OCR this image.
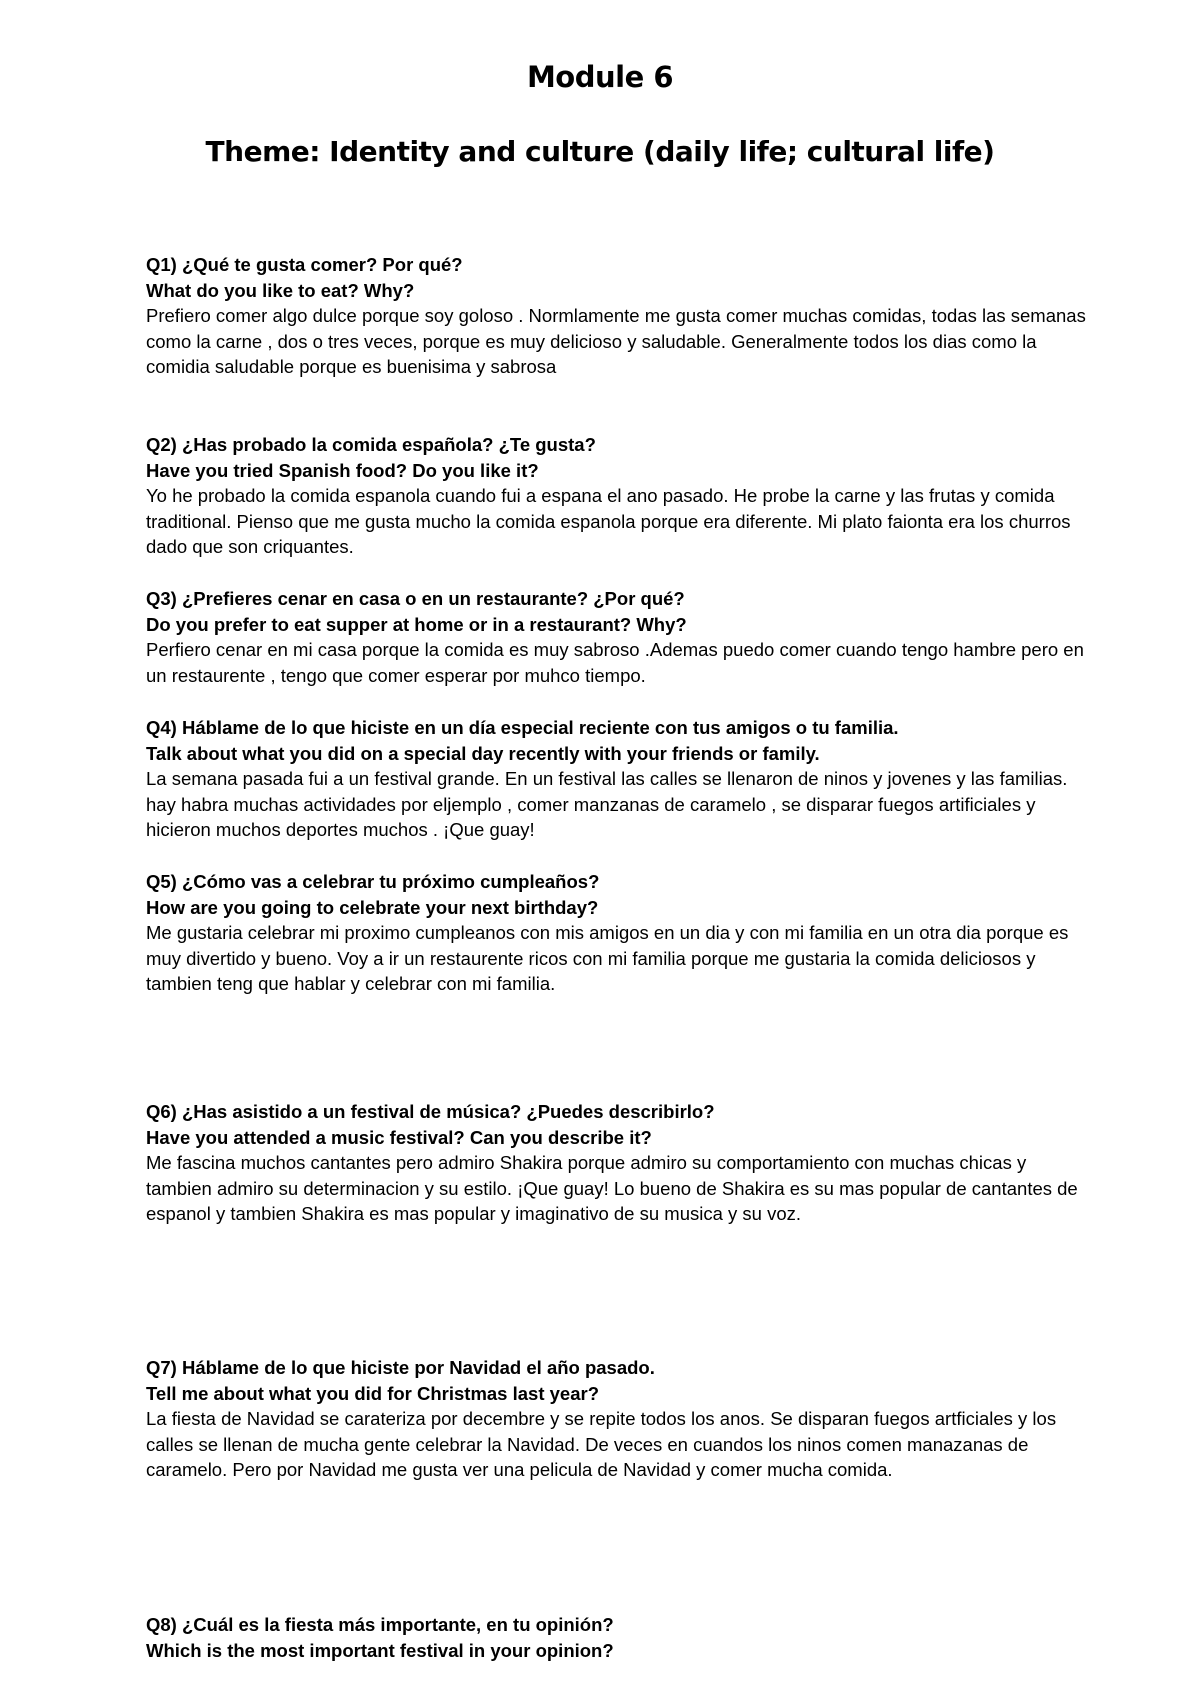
Module 6
Theme: Identity and culture (daily life; cultural life)

Q1) ¿Qué te gusta comer? Por qué?

What do you like to eat? Why?

Prefiero comer algo dulce porque soy goloso . Normlamente me gusta comer muchas comidas, todas las semanas como la carne , dos o tres veces, porque es muy delicioso y saludable. Generalmente todos los dias como la comidia saludable porque es buenisima y sabrosa

Q2) ¿Has probado la comida española? ¿Te gusta?

Have you tried Spanish food? Do you like it?

Yo he probado la comida espanola cuando fui a espana el ano pasado. He probe la carne y las frutas y comida traditional. Pienso que me gusta mucho la comida espanola porque era diferente. Mi plato faionta era los churros dado que son criquantes.

Q3) ¿Prefieres cenar en casa o en un restaurante? ¿Por qué?

Do you prefer to eat supper at home or in a restaurant? Why?

Perfiero cenar en mi casa porque la comida es muy sabroso .Ademas puedo comer cuando tengo hambre pero en un restaurente , tengo que comer esperar por muhco tiempo.

Q4) Háblame de lo que hiciste en un día especial reciente con tus amigos o tu familia.

Talk about what you did on a special day recently with your friends or family.

La semana pasada fui a un festival grande. En un festival las calles se llenaron de ninos y jovenes y las familias. hay habra muchas actividades por eljemplo , comer manzanas de caramelo , se disparar fuegos artificiales y hicieron muchos deportes muchos . ¡Que guay!

Q5) ¿Cómo vas a celebrar tu próximo cumpleaños?

How are you going to celebrate your next birthday?

Me gustaria celebrar mi proximo cumpleanos con mis amigos en un dia y con mi familia en un otra dia porque es muy divertido y bueno. Voy a ir un restaurente ricos con mi familia porque me gustaria la comida deliciosos y tambien teng que hablar y celebrar con mi familia.

Q6) ¿Has asistido a un festival de música? ¿Puedes describirlo?

Have you attended a music festival? Can you describe it?

Me fascina muchos cantantes pero admiro Shakira porque admiro su comportamiento con muchas chicas y tambien admiro su determinacion y su estilo. ¡Que guay! Lo bueno de Shakira es su mas popular de cantantes de espanol y tambien Shakira es mas popular y imaginativo de su musica y su voz.

Q7) Háblame de lo que hiciste por Navidad el año pasado.

Tell me about what you did for Christmas last year?

La fiesta de Navidad se carateriza por decembre y se repite todos los anos. Se disparan fuegos artficiales y los calles se llenan de mucha gente celebrar la Navidad. De veces en cuandos los ninos comen manazanas de caramelo. Pero por Navidad me gusta ver una pelicula de Navidad y comer mucha comida.

Q8) ¿Cuál es la fiesta más importante, en tu opinión?

Which is the most important festival in your opinion?
